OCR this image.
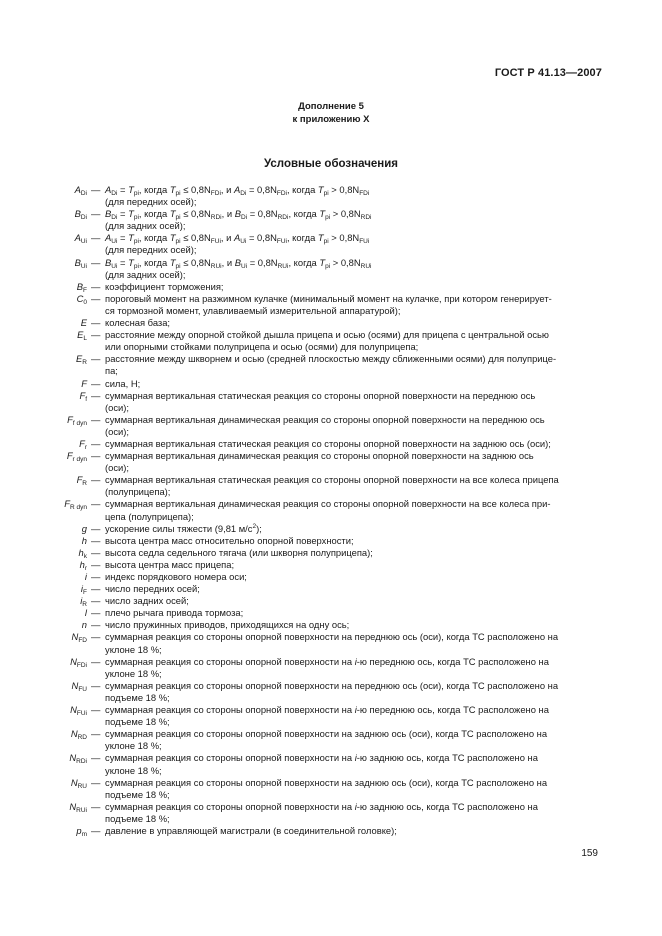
ГОСТ Р 41.13—2007
Дополнение 5
к приложению Х
Условные обозначения
$A_{Di}$ — $A_{Di} = T_{pi}$, когда $T_{pi} \le 0,8N_{FDi}$, и $A_{Di} = 0,8N_{FDi}$, когда $T_{pi} > 0,8N_{FDi}$
(для передних осей);
$B_{Di}$ — $B_{Di} = T_{pi}$, когда $T_{pi} \le 0,8N_{RDi}$, и $B_{Di} = 0,8N_{RDi}$, когда $T_{pi} > 0,8N_{RDi}$
(для задних осей);
$A_{Ui}$ — $A_{Ui} = T_{pi}$, когда $T_{pi} \le 0,8N_{FUi}$, и $A_{Ui} = 0,8N_{FUi}$, когда $T_{pi} > 0,8N_{FUi}$
(для передних осей);
$B_{Ui}$ — $B_{Ui} = T_{pi}$, когда $T_{pi} \le 0,8N_{RUi}$, и $B_{Ui} = 0,8N_{RUi}$, когда $T_{pi} > 0,8N_{RUi}$
(для задних осей);
$B_F$ — коэффициент торможения;
$C_0$ — пороговый момент на разжимном кулачке (минимальный момент на кулачке, при котором генерирует-
ся тормозной момент, улавливаемый измерительной аппаратурой);
E — колесная база;
$E_L$ — расстояние между опорной стойкой дышла прицепа и осью (осями) для прицепа с центральной осью
или опорными стойками полуприцепа и осью (осями) для полуприцепа;
$E_R$ — расстояние между шкворнем и осью (средней плоскостью между сближенными осями) для полуприце-
па;
F — сила, Н;
$F_f$ — суммарная вертикальная статическая реакция со стороны опорной поверхности на переднюю ось
(оси);
$F_{f dyn}$ — суммарная вертикальная динамическая реакция со стороны опорной поверхности на переднюю ось
(оси);
$F_r$ — суммарная вертикальная статическая реакция со стороны опорной поверхности на заднюю ось (оси);
$F_{r dyn}$ — суммарная вертикальная динамическая реакция со стороны опорной поверхности на заднюю ось
(оси);
$F_R$ — суммарная вертикальная статическая реакция со стороны опорной поверхности на все колеса прицепа
(полуприцепа);
$F_{R dyn}$ — суммарная вертикальная динамическая реакция со стороны опорной поверхности на все колеса при-
цепа (полуприцепа);
g — ускорение силы тяжести (9,81 $м/с^2$);
h — высота центра масс относительно опорной поверхности;
$h_k$ — высота седла седельного тягача (или шкворня полуприцепа);
$h_r$ — высота центра масс прицепа;
i — индекс порядкового номера оси;
$i_F$ — число передних осей;
$i_R$ — число задних осей;
l — плечо рычага привода тормоза;
n — число пружинных приводов, приходящихся на одну ось;
$N_{FD}$ — суммарная реакция со стороны опорной поверхности на переднюю ось (оси), когда ТС расположено на
уклоне 18 %;
$N_{FDi}$ — суммарная реакция со стороны опорной поверхности на i-ю переднюю ось, когда ТС расположено на
уклоне 18 %;
$N_{FU}$ — суммарная реакция со стороны опорной поверхности на переднюю ось (оси), когда ТС расположено на
подъеме 18 %;
$N_{FUi}$ — суммарная реакция со стороны опорной поверхности на i-ю переднюю ось, когда ТС расположено на
подъеме 18 %;
$N_{RD}$ — суммарная реакция со стороны опорной поверхности на заднюю ось (оси), когда ТС расположено на
уклоне 18 %;
$N_{RDi}$ — суммарная реакция со стороны опорной поверхности на i-ю заднюю ось, когда ТС расположено на
уклоне 18 %;
$N_{RU}$ — суммарная реакция со стороны опорной поверхности на заднюю ось (оси), когда ТС расположено на
подъеме 18 %;
$N_{RUi}$ — суммарная реакция со стороны опорной поверхности на i-ю заднюю ось, когда ТС расположено на
подъеме 18 %;
$p_m$ — давление в управляющей магистрали (в соединительной головке);
159
